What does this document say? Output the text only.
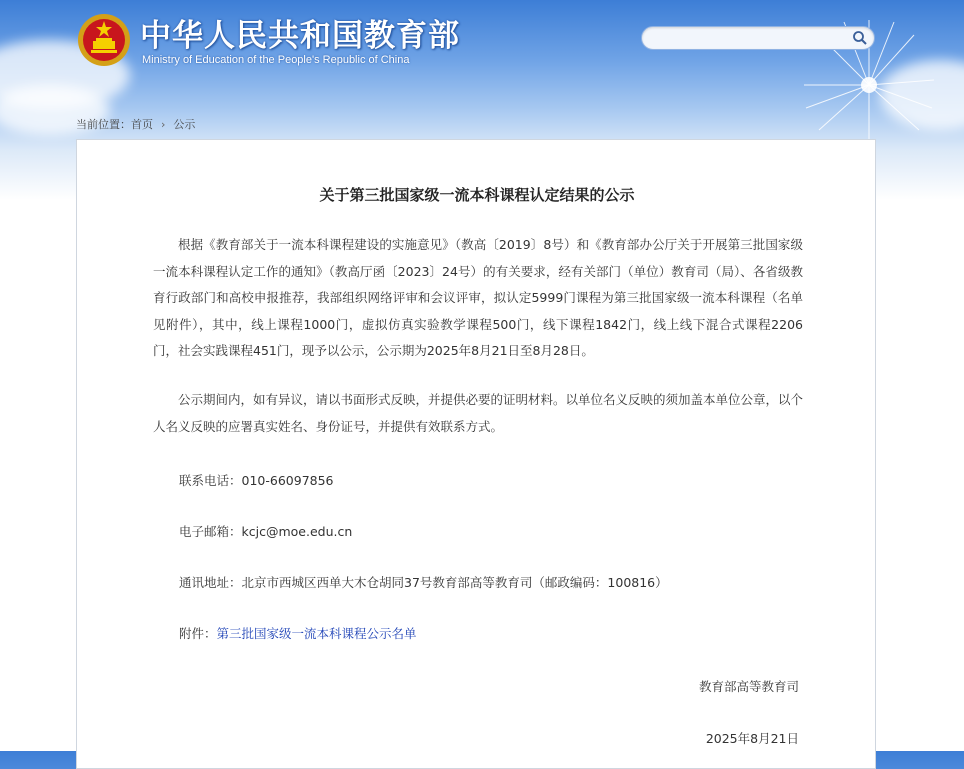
中华人民共和国教育部
Ministry of Education of the People's Republic of China
当前位置：首页 › 公示
关于第三批国家级一流本科课程认定结果的公示
根据《教育部关于一流本科课程建设的实施意见》（教高〔2019〕8号）和《教育部办公厅关于开展第三批国家级一流本科课程认定工作的通知》（教高厅函〔2023〕24号）的有关要求，经有关部门（单位）教育司（局）、各省级教育行政部门和高校申报推荐，我部组织网络评审和会议评审，拟认定5999门课程为第三批国家级一流本科课程（名单见附件），其中，线上课程1000门，虚拟仿真实验教学课程500门，线下课程1842门，线上线下混合式课程2206门，社会实践课程451门，现予以公示，公示期为2025年8月21日至8月28日。
公示期间内，如有异议，请以书面形式反映，并提供必要的证明材料。以单位名义反映的须加盖本单位公章，以个人名义反映的应署真实姓名、身份证号，并提供有效联系方式。
联系电话：010-66097856
电子邮箱：kcjc@moe.edu.cn
通讯地址：北京市西城区西单大木仓胡同37号教育部高等教育司（邮政编码：100816）
附件：第三批国家级一流本科课程公示名单
教育部高等教育司
2025年8月21日
